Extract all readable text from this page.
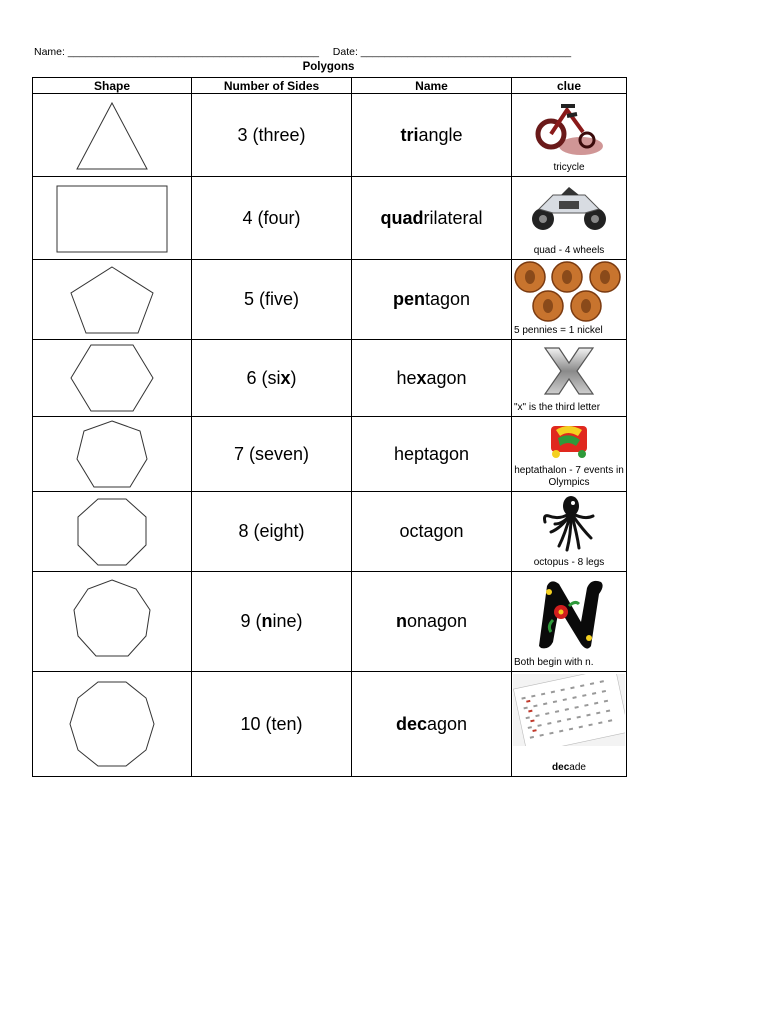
Name: ___________________________________________ Date: ____________________________________
Polygons
Shape	Number of Sides	Name	clue

	3 (three)	triangle	tricycle

	4 (four)	quadrilateral	quad - 4 wheels

	5 (five)	pentagon	5 pennies = 1 nickel

	6 (six)	hexagon	"x" is the third letter

	7 (seven)	heptagon	heptathalon - 7 events in Olympics

	8 (eight)	octagon	octopus - 8 legs

	9 (nine)	nonagon	Both begin with n.

	10 (ten)	decagon	decade
